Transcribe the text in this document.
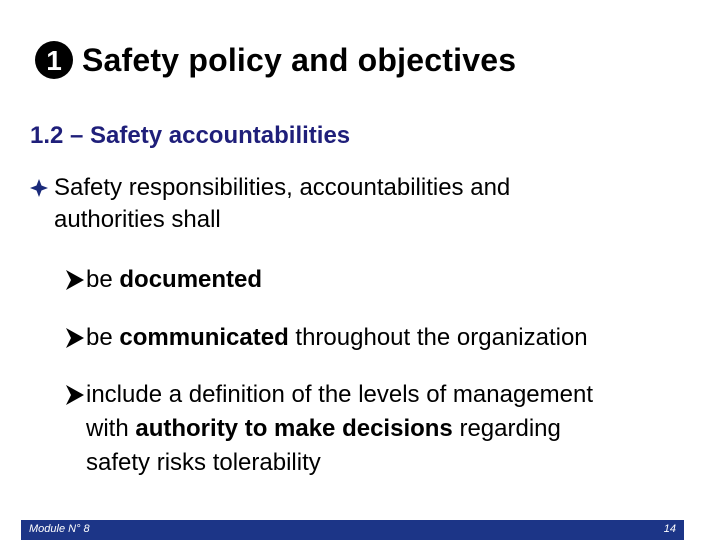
1 Safety policy and objectives
1.2 – Safety accountabilities
Safety responsibilities, accountabilities and
authorities shall
be documented
be communicated throughout the organization
include a definition of the levels of management
with authority to make decisions regarding
safety risks tolerability
Module N° 8	14
